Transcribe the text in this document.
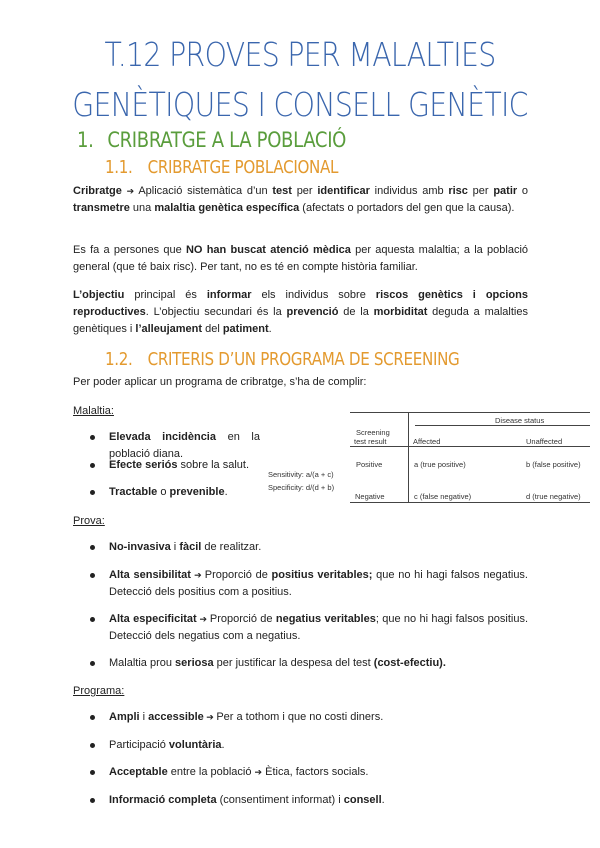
T.12 PROVES PER MALALTIES
GENÈTIQUES I CONSELL GENÈTIC
1. CRIBRATGE A LA POBLACIÓ
1.1. CRIBRATGE POBLACIONAL

Cribratge ➔ Aplicació sistemàtica d’un test per identificar individus amb risc per patir o transmetre una malaltia genètica específica (afectats o portadors del gen que la causa).

Es fa a persones que NO han buscat atenció mèdica per aquesta malaltia; a la població general (que té baix risc). Per tant, no es té en compte història familiar.

L’objectiu principal és informar els individus sobre riscos genètics i opcions reproductives. L’objectiu secundari és la prevenció de la morbiditat deguda a malalties genètiques i l’alleujament del patiment.

1.2. CRITERIS D’UN PROGRAMA DE SCREENING

Per poder aplicar un programa de cribratge, s’ha de complir:

Malaltia:
Elevada incidència en la població diana.
Efecte seriós sobre la salut.
Tractable o prevenible.
Sensitivity: a/(a + c)
Specificity: d/(d + b)
Disease status
Screening
test result	Affected	Unaffected
Positive	a (true positive)	b (false positive)
Negative	c (false negative)	d (true negative)
Prova:
No-invasiva i fàcil de realitzar.
Alta sensibilitat ➔ Proporció de positius veritables; que no hi hagi falsos negatius. Detecció dels positius com a positius.
Alta especificitat ➔ Proporció de negatius veritables; que no hi hagi falsos positius. Detecció dels negatius com a negatius.
Malaltia prou seriosa per justificar la despesa del test (cost-efectiu).
Programa:
Ampli i accessible ➔ Per a tothom i que no costi diners.
Participació voluntària.
Acceptable entre la població ➔ Ètica, factors socials.
Informació completa (consentiment informat) i consell.
